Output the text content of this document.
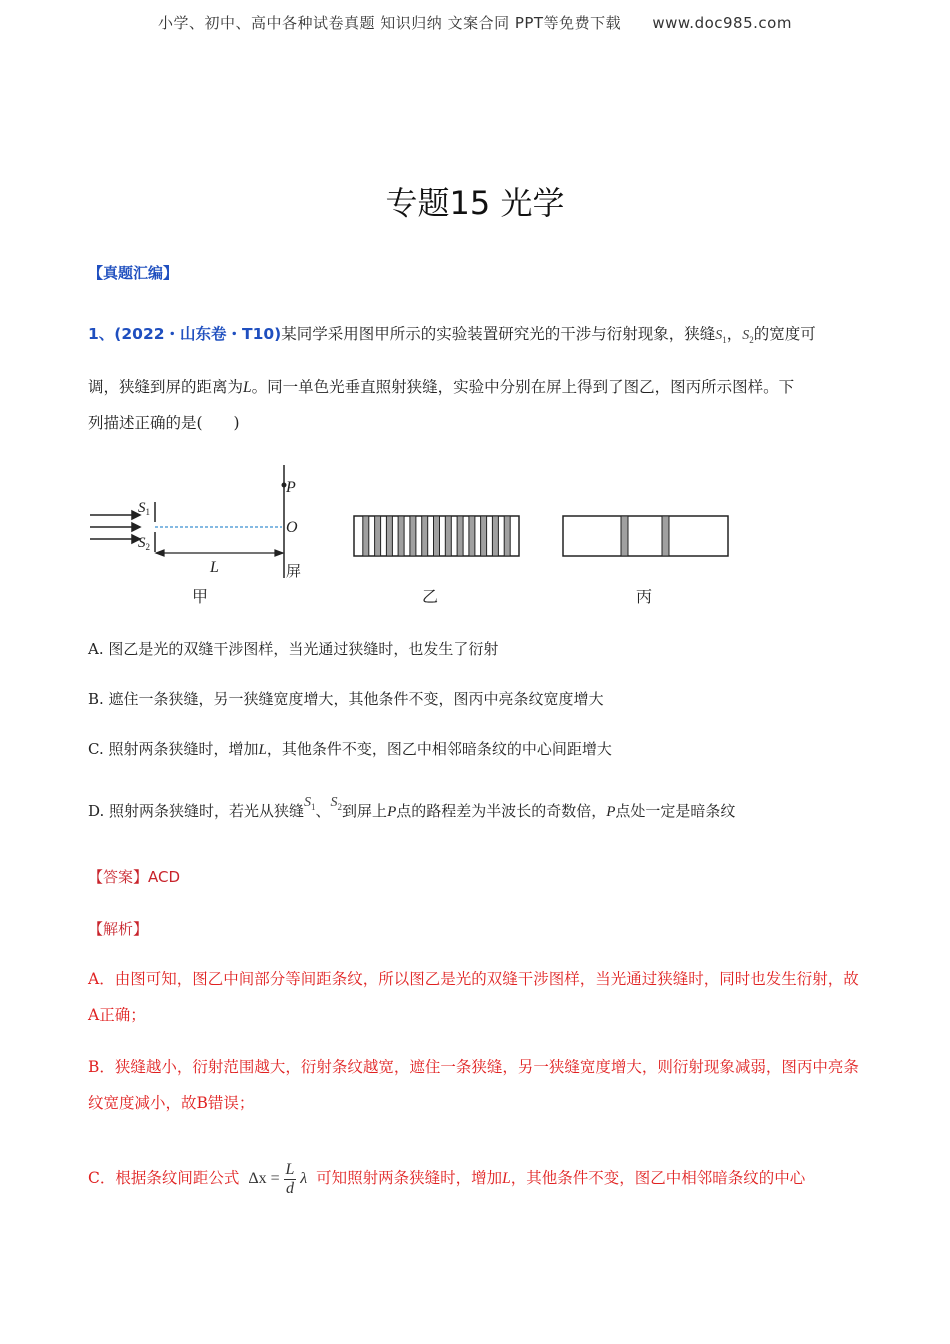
小学、初中、高中各种试卷真题 知识归纳 文案合同 PPT等免费下载 www.doc985.com
专题15 光学
【真题汇编】
1、(2022・山东卷・T10)某同学采用图甲所示的实验装置研究光的干涉与衍射现象，狭缝$S_1$，$S_2$的宽度可
调，狭缝到屏的距离为L。同一单色光垂直照射狭缝，实验中分别在屏上得到了图乙，图丙所示图样。下
列描述正确的是(　　)
P
O
$S_1$
$S_2$
L	屏
甲	乙	丙
A. 图乙是光的双缝干涉图样，当光通过狭缝时，也发生了衍射
B. 遮住一条狭缝，另一狭缝宽度增大，其他条件不变，图丙中亮条纹宽度增大
C. 照射两条狭缝时，增加L，其他条件不变，图乙中相邻暗条纹的中心间距增大
D. 照射两条狭缝时，若光从狭缝$S_1$、$S_2$到屏上P点的路程差为半波长的奇数倍，P点处一定是暗条纹
【答案】ACD
【解析】
A．由图可知，图乙中间部分等间距条纹，所以图乙是光的双缝干涉图样，当光通过狭缝时，同时也发生衍射，故A正确；
B．狭缝越小，衍射范围越大，衍射条纹越宽，遮住一条狭缝，另一狭缝宽度增大，则衍射现象减弱，图丙中亮条纹宽度减小，故B错误；
C．根据条纹间距公式 $\Delta x = \frac{L}{d}$ λ 可知照射两条狭缝时，增加L，其他条件不变，图乙中相邻暗条纹的中心
